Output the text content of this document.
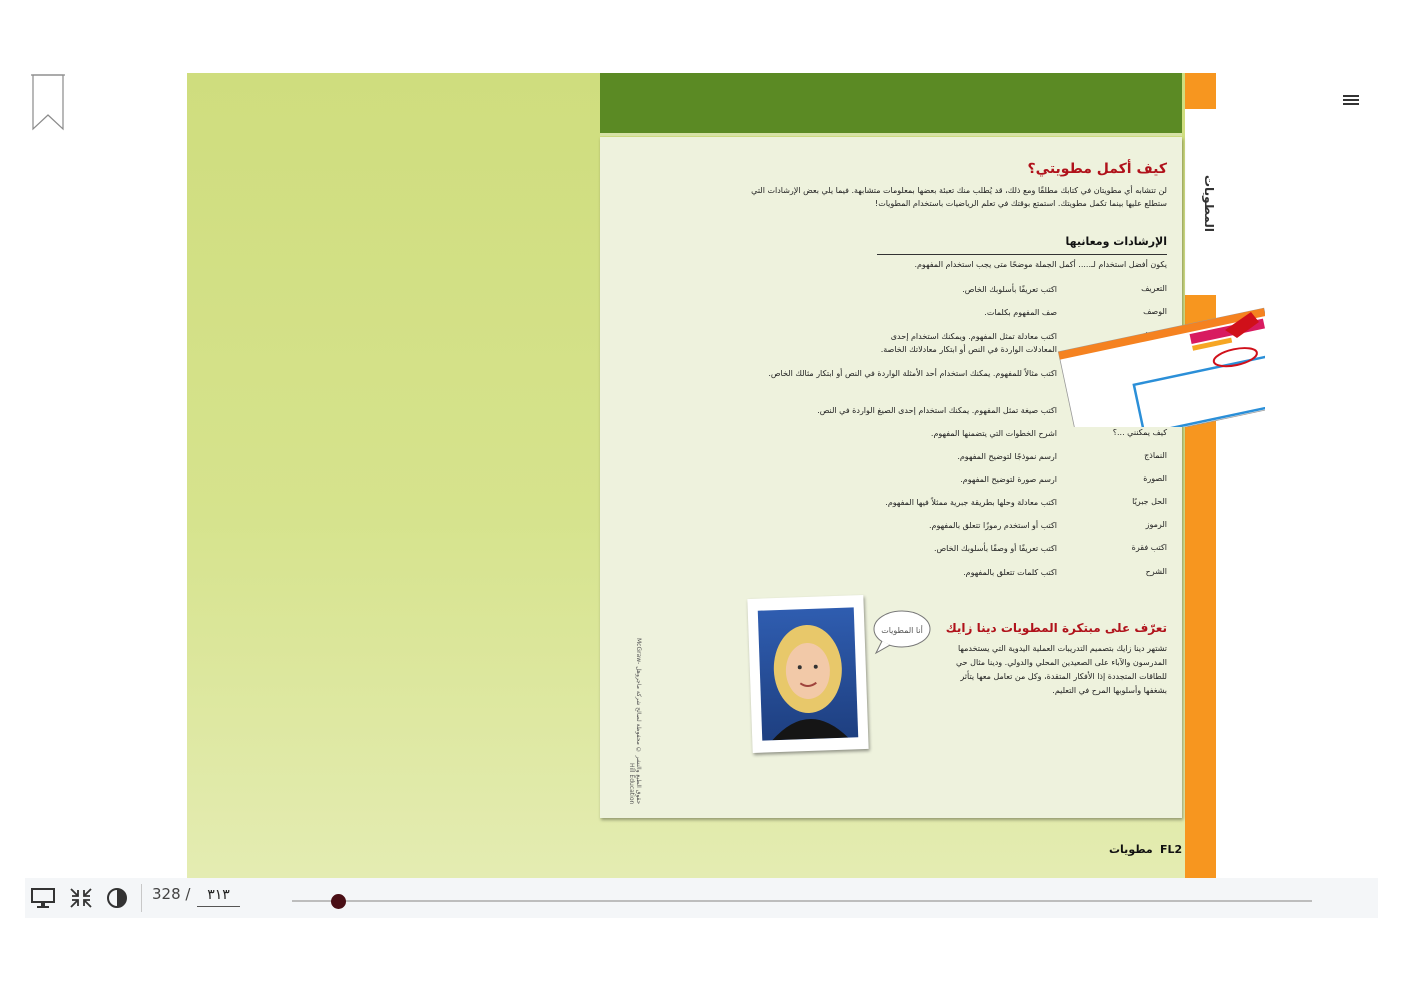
المطويات
كيف أكمل مطويتي؟
لن تتشابه أي مطويتان في كتابك مطلقًا ومع ذلك، قد يُطلب منك تعبئة بعضها بمعلومات متشابهة. فيما يلي بعض الإرشادات التي ستطلع عليها بينما تكمل مطويتك. استمتع بوقتك في تعلم الرياضيات باستخدام المطويات!
الإرشادات ومعانيها
يكون أفضل استخدام لـ..... أكمل الجملة موضحًا متى يجب استخدام المفهوم.
التعريف
اكتب تعريفًا بأسلوبك الخاص.
الوصف
صف المفهوم بكلمات.
اكتب معادلة تمثل المفهوم. ويمكنك استخدام إحدى المعادلات الواردة في النص أو ابتكار معادلاتك الخاصة.
اكتب مثالاً للمفهوم. يمكنك استخدام أحد الأمثلة الواردة في النص أو ابتكار مثالك الخاص.
اكتب صيغة تمثل المفهوم. يمكنك استخدام إحدى الصيغ الواردة في النص.
كيف يمكنني ...؟
اشرح الخطوات التي يتضمنها المفهوم.
النماذج
ارسم نموذجًا لتوضيح المفهوم.
الصورة
ارسم صورة لتوضيح المفهوم.
الحل جبريًا
اكتب معادلة وحلها بطريقة جبرية ممثلاً فيها المفهوم.
الرموز
اكتب أو استخدم رموزًا تتعلق بالمفهوم.
اكتب فقرة
اكتب تعريفًا أو وصفًا بأسلوبك الخاص.
الشرح
اكتب كلمات تتعلق بالمفهوم.
تعرّف على مبتكرة المطويات دينا زايك
تشتهر دينا زايك بتصميم التدريبات العملية اليدوية التي يستخدمها المدرسون والآباء على الصعيدين المحلي والدولي. ودينا مثال حي للطاقات المتجددة إذا الأفكار المتقدة، وكل من تعامل معها يتأثر بشغفها وأسلوبها المرح في التعليم.
أنا المطويات
حقوق الطبع والنشر © محفوظة لصالح شركة ماجروهل McGraw-Hill Education
FL2
مطويات
328 /
٣١٣
